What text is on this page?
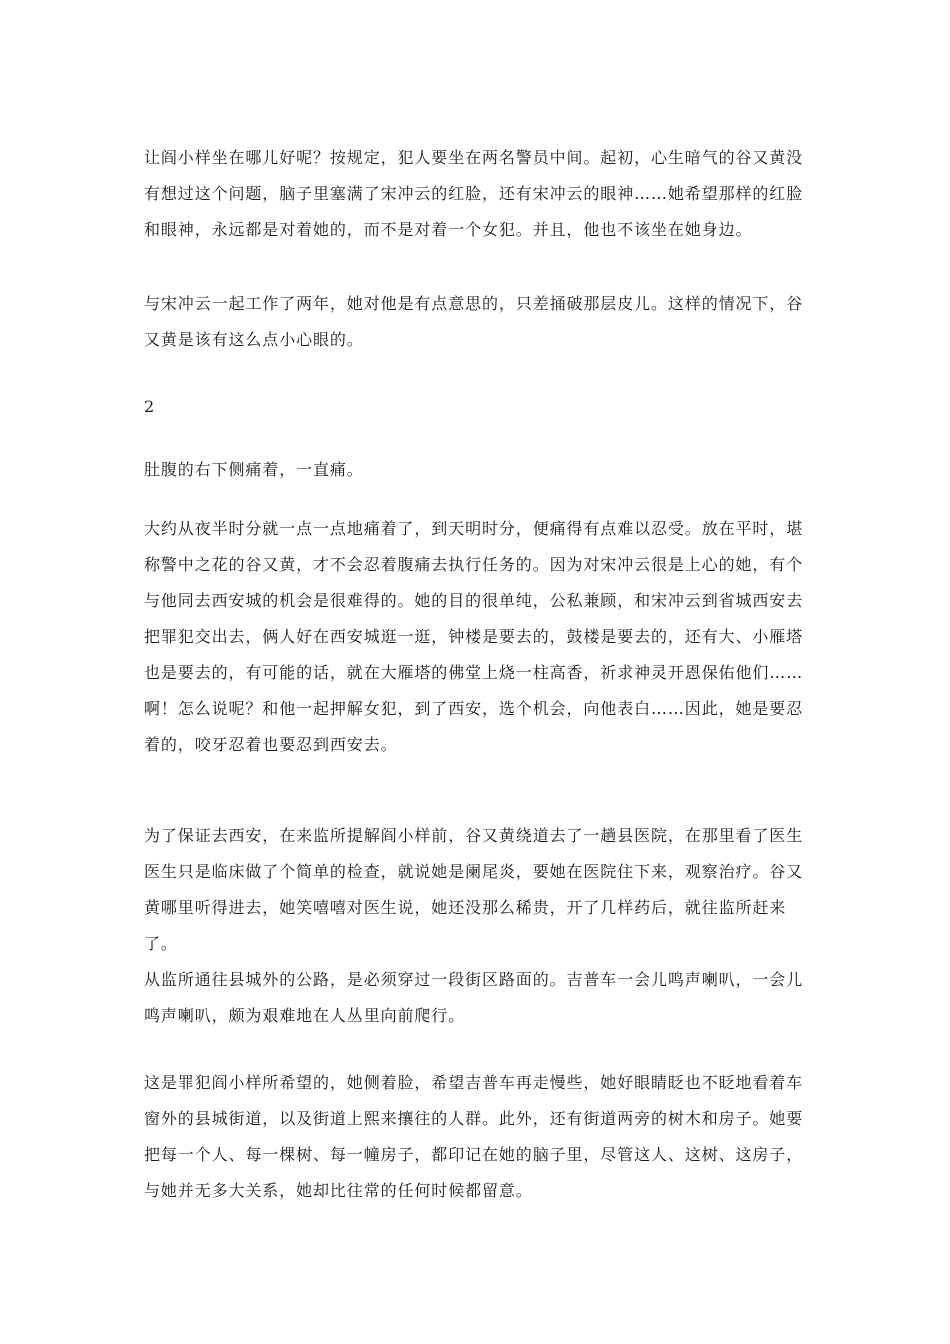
让阎小样坐在哪儿好呢？按规定，犯人要坐在两名警员中间。起初，心生暗气的谷又黄没有想过这个问题，脑子里塞满了宋冲云的红脸，还有宋冲云的眼神……她希望那样的红脸和眼神，永远都是对着她的，而不是对着一个女犯。并且，他也不该坐在她身边。

与宋冲云一起工作了两年，她对他是有点意思的，只差捅破那层皮儿。这样的情况下，谷又黄是该有这么点小心眼的。

2

肚腹的右下侧痛着，一直痛。

大约从夜半时分就一点一点地痛着了，到天明时分，便痛得有点难以忍受。放在平时，堪称警中之花的谷又黄，才不会忍着腹痛去执行任务的。因为对宋冲云很是上心的她，有个与他同去西安城的机会是很难得的。她的目的很单纯，公私兼顾，和宋冲云到省城西安去把罪犯交出去，俩人好在西安城逛一逛，钟楼是要去的，鼓楼是要去的，还有大、小雁塔也是要去的，有可能的话，就在大雁塔的佛堂上烧一柱高香，祈求神灵开恩保佑他们……啊！怎么说呢？和他一起押解女犯，到了西安，选个机会，向他表白……因此，她是要忍着的，咬牙忍着也要忍到西安去。

为了保证去西安，在来监所提解阎小样前，谷又黄绕道去了一趟县医院，在那里看了医生医生只是临床做了个简单的检查，就说她是阑尾炎，要她在医院住下来，观察治疗。谷又黄哪里听得进去，她笑嘻嘻对医生说，她还没那么稀贵，开了几样药后，就往监所赶来了。

从监所通往县城外的公路，是必须穿过一段街区路面的。吉普车一会儿鸣声喇叭，一会儿鸣声喇叭，颇为艰难地在人丛里向前爬行。

这是罪犯阎小样所希望的，她侧着脸，希望吉普车再走慢些，她好眼睛眨也不眨地看着车窗外的县城街道，以及街道上熙来攘往的人群。此外，还有街道两旁的树木和房子。她要把每一个人、每一棵树、每一幢房子，都印记在她的脑子里，尽管这人、这树、这房子，与她并无多大关系，她却比往常的任何时候都留意。
